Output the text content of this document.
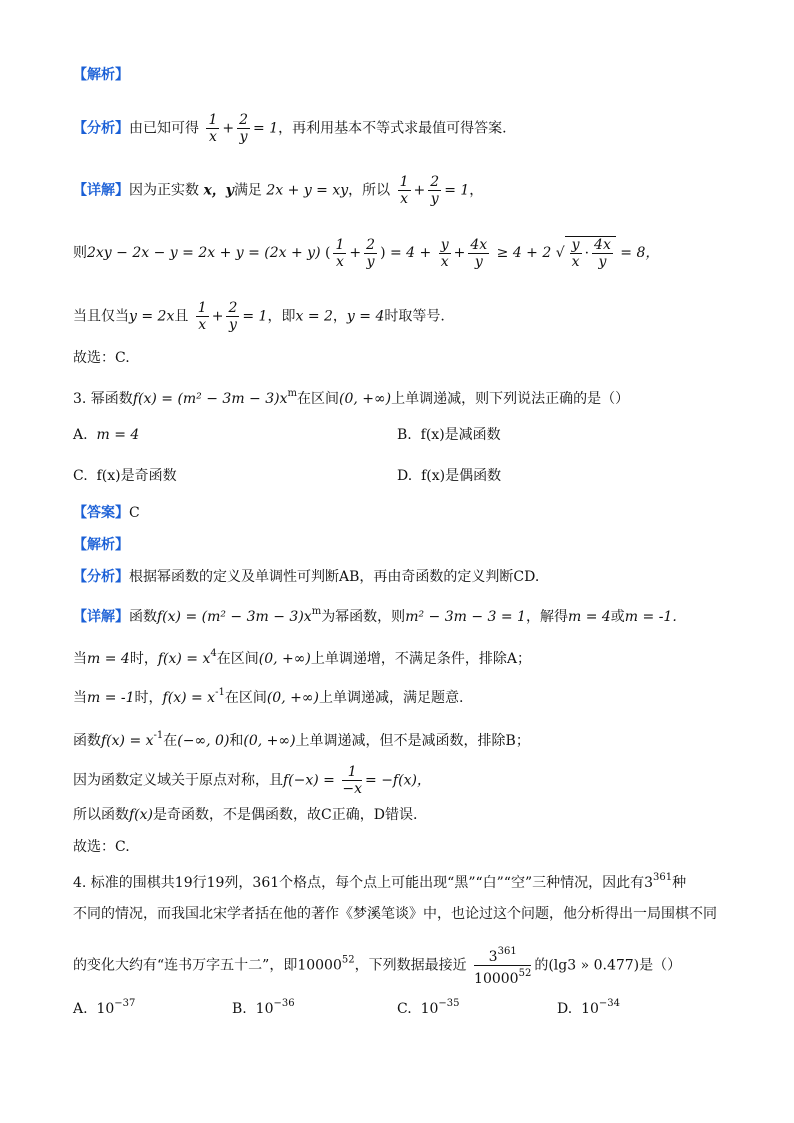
【解析】
【分析】由已知可得 $\frac{1}{x} + \frac{2}{y} = 1$，再利用基本不等式求最值可得答案.
【详解】因为正实数 x，y满足 2x + y = xy，所以 $\frac{1}{x} + \frac{2}{y} = 1$，
则2xy − 2x − y = 2x + y = (2x + y) ( $\frac{1}{x} + \frac{2}{y}$ ) = $4 + \frac{y}{x} + \frac{4x}{y} \ge 4 + 2$ √ $\frac{y}{x} \cdot \frac{4x}{y} = 8$，
当且仅当y = 2x且 $\frac{1}{x} + \frac{2}{y} = 1$，即x = 2，y = 4时取等号.
故选：C.
3. 幂函数$f(x) = (m^2 - 3m - 3)x^m$在区间(0, +∞)上单调递减，则下列说法正确的是（）
A. m = 4	B. f(x)是减函数
C. f(x)是奇函数	D. f(x)是偶函数
【答案】C
【解析】
【分析】根据幂函数的定义及单调性可判断AB，再由奇函数的定义判断CD.
【详解】函数$f(x) = (m^2 - 3m - 3)x^m$为幂函数，则m² − 3m − 3 = 1，解得m = 4或m = -1.
当m = 4时，$f(x) = x^4$在区间(0, +∞)上单调递增，不满足条件，排除A；
当m = -1时，$f(x) = x^{-1}$在区间(0, +∞)上单调递减，满足题意.
函数$f(x) = x^{-1}$在(−∞, 0)和(0, +∞)上单调递减，但不是减函数，排除B；
因为函数定义域关于原点对称，且$f(-x) = \frac{1}{-x} = -f(x)$，
所以函数f(x)是奇函数，不是偶函数，故C正确，D错误.
故选：C.
4. 标准的围棋共19行19列，361个格点，每个点上可能出现“黑”“白”“空”三种情况，因此有$3^{361}$种
不同的情况，而我国北宋学者括在他的著作《梦溪笔谈》中，也论过这个问题，他分析得出一局围棋不同
的变化大约有“连书万字五十二”，即10000$^{52}$，下列数据最接近 $\frac{3^{361}}{10000^{52}}$ 的(lg3 » 0.477)是（）
A. $10^{-37}$	B. $10^{-36}$	C. $10^{-35}$	D. $10^{-34}$
